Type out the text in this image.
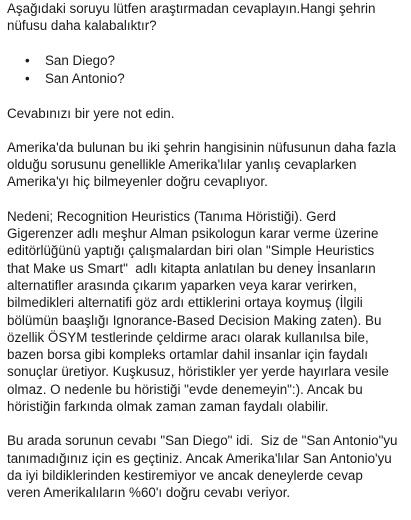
Aşağıdaki soruyu lütfen araştırmadan cevaplayın.Hangi şehrin

nüfusu daha kalabalıktır?

• San Diego?
• San Antonio?

Cevabınızı bir yere not edin.

Amerika'da bulunan bu iki şehrin hangisinin nüfusunun daha fazla

olduğu sorusunu genellikle Amerika'lılar yanlış cevaplarken

Amerika'yı hiç bilmeyenler doğru cevaplıyor.

Nedeni; Recognition Heuristics (Tanıma Höristiği). Gerd

Gigerenzer adlı meşhur Alman psikologun karar verme üzerine

editörlüğünü yaptığı çalışmalardan biri olan "Simple Heuristics

that Make us Smart"  adlı kitapta anlatılan bu deney İnsanların

alternatifler arasında çıkarım yaparken veya karar verirken,

bilmedikleri alternatifi göz ardı ettiklerini ortaya koymuş (İlgili

bölümün baaşlığı Ignorance-Based Decision Making zaten). Bu

özellik ÖSYM testlerinde çeldirme aracı olarak kullanılsa bile,

bazen borsa gibi kompleks ortamlar dahil insanlar için faydalı

sonuçlar üretiyor. Kuşkusuz, höristikler yer yerde hayırlara vesile

olmaz. O nedenle bu höristiği "evde denemeyin":). Ancak bu

höristiğin farkında olmak zaman zaman faydalı olabilir.

Bu arada sorunun cevabı "San Diego" idi.  Siz de "San Antonio"yu

tanımadığınız için es geçtiniz. Ancak Amerika'lılar San Antonio'yu

da iyi bildiklerinden kestiremiyor ve ancak deneylerde cevap

veren Amerikalıların %60'ı doğru cevabı veriyor.
